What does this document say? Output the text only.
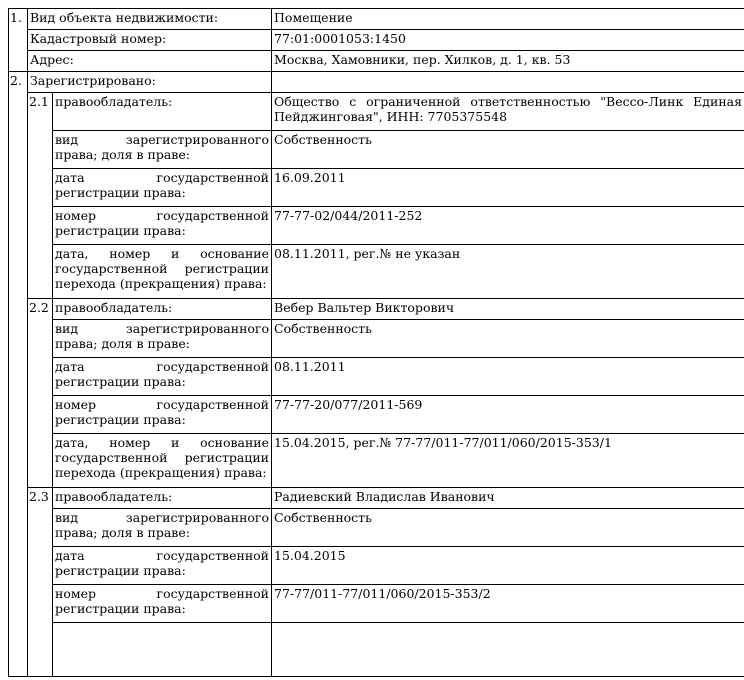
1.	Вид объекта недвижимости:		Помещение
	Кадастровый номер:		77:01:0001053:1450
	Адрес:		Москва, Хамовники, пер. Хилков, д. 1, кв. 53
2.	Зарегистрировано:		
	2.1	правообладатель:	Общество с ограниченной ответственностью "Вессо-Линк Единая Пейджинговая", ИНН: 7705375548
		вид зарегистрированного права; доля в праве:	Собственность
		дата государственной регистрации права:	16.09.2011
		номер государственной регистрации права:	77-77-02/044/2011-252
		дата, номер и основание государственной регистрации перехода (прекращения) права:	08.11.2011, рег.№ не указан
	2.2	правообладатель:	Вебер Вальтер Викторович
		вид зарегистрированного права; доля в праве:	Собственность
		дата государственной регистрации права:	08.11.2011
		номер государственной регистрации права:	77-77-20/077/2011-569
		дата, номер и основание государственной регистрации перехода (прекращения) права:	15.04.2015, рег.№ 77-77/011-77/011/060/2015-353/1
	2.3	правообладатель:	Радиевский Владислав Иванович
		вид зарегистрированного права; доля в праве:	Собственность
		дата государственной регистрации права:	15.04.2015
		номер государственной регистрации права:	77-77/011-77/011/060/2015-353/2
